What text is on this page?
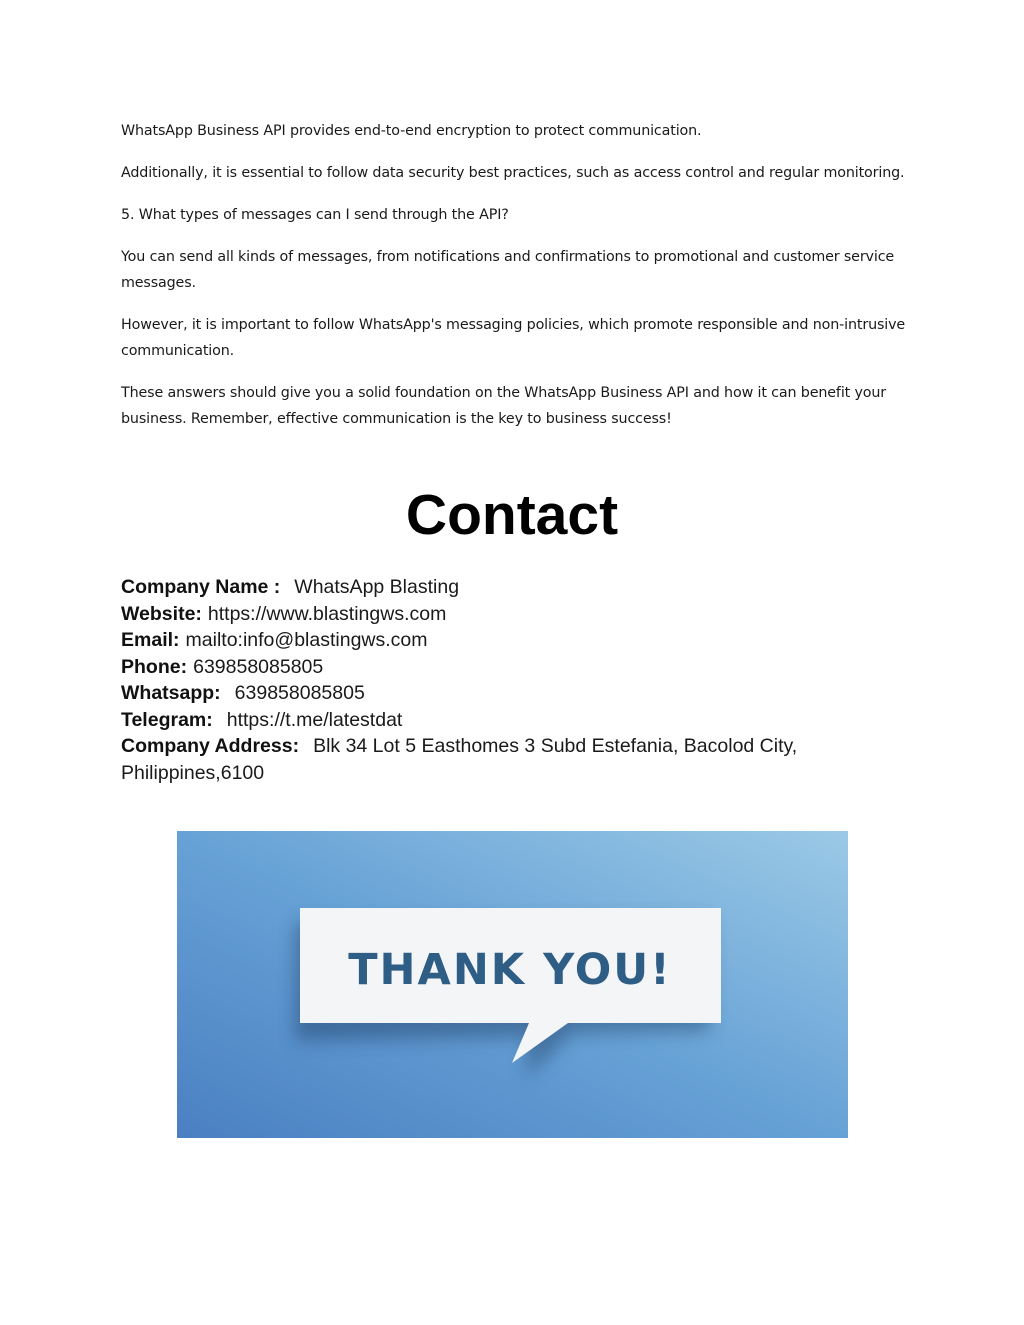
WhatsApp Business API provides end-to-end encryption to protect communication.

Additionally, it is essential to follow data security best practices, such as access control and regular monitoring.

5. What types of messages can I send through the API?

You can send all kinds of messages, from notifications and confirmations to promotional and customer service messages.

However, it is important to follow WhatsApp's messaging policies, which promote responsible and non-intrusive communication.

These answers should give you a solid foundation on the WhatsApp Business API and how it can benefit your business. Remember, effective communication is the key to business success!

Contact

Company Name : WhatsApp Blasting

Website: https://www.blastingws.com

Email: mailto:info@blastingws.com

Phone: 639858085805

Whatsapp: 639858085805

Telegram: https://t.me/latestdat

Company Address: Blk 34 Lot 5 Easthomes 3 Subd Estefania, Bacolod City, Philippines,6100

THANK YOU!
